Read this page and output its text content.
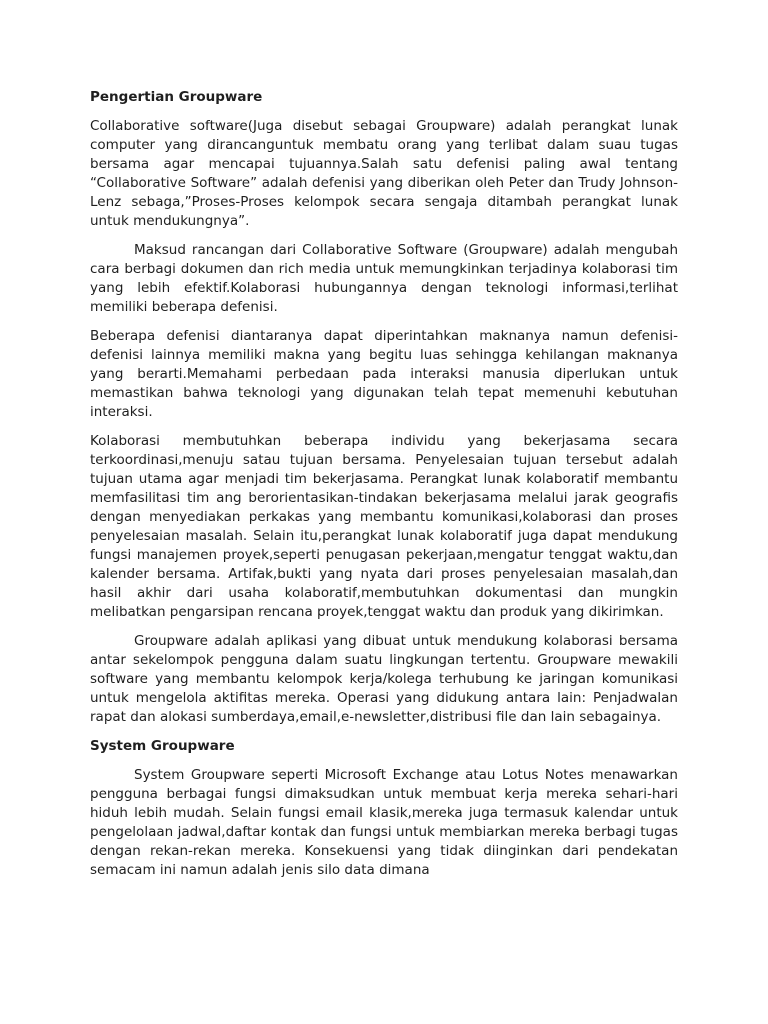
Pengertian Groupware

Collaborative software(Juga disebut sebagai Groupware) adalah perangkat lunak computer yang dirancanguntuk membatu orang yang terlibat dalam suau tugas bersama agar mencapai tujuannya.Salah satu defenisi paling awal tentang “Collaborative Software” adalah defenisi yang diberikan oleh Peter dan Trudy Johnson-Lenz sebaga,”Proses-Proses kelompok secara sengaja ditambah perangkat lunak untuk mendukungnya”.

Maksud rancangan dari Collaborative Software (Groupware) adalah mengubah cara berbagi dokumen dan rich media untuk memungkinkan terjadinya kolaborasi tim yang lebih efektif.Kolaborasi hubungannya dengan teknologi informasi,terlihat memiliki beberapa defenisi.

Beberapa defenisi diantaranya dapat diperintahkan maknanya namun defenisi-defenisi lainnya memiliki makna yang begitu luas sehingga kehilangan maknanya yang berarti.Memahami perbedaan pada interaksi manusia diperlukan untuk memastikan bahwa teknologi yang digunakan telah tepat memenuhi kebutuhan interaksi.

Kolaborasi membutuhkan beberapa individu yang bekerjasama secara terkoordinasi,menuju satau tujuan bersama. Penyelesaian tujuan tersebut adalah tujuan utama agar menjadi tim bekerjasama. Perangkat lunak kolaboratif membantu memfasilitasi tim ang berorientasikan-tindakan bekerjasama melalui jarak geografis dengan menyediakan perkakas yang membantu komunikasi,kolaborasi dan proses penyelesaian masalah. Selain itu,perangkat lunak kolaboratif juga dapat mendukung fungsi manajemen proyek,seperti penugasan pekerjaan,mengatur tenggat waktu,dan kalender bersama. Artifak,bukti yang nyata dari proses penyelesaian masalah,dan hasil akhir dari usaha kolaboratif,membutuhkan dokumentasi dan mungkin melibatkan pengarsipan rencana proyek,tenggat waktu dan produk yang dikirimkan.

Groupware adalah aplikasi yang dibuat untuk mendukung kolaborasi bersama antar sekelompok pengguna dalam suatu lingkungan tertentu. Groupware mewakili software yang membantu kelompok kerja/kolega terhubung ke jaringan komunikasi untuk mengelola aktifitas mereka. Operasi yang didukung antara lain: Penjadwalan rapat dan alokasi sumberdaya,email,e-newsletter,distribusi file dan lain sebagainya.

System Groupware

System Groupware seperti Microsoft Exchange atau Lotus Notes menawarkan pengguna berbagai fungsi dimaksudkan untuk membuat kerja mereka sehari-hari hiduh lebih mudah. Selain fungsi email klasik,mereka juga termasuk kalendar untuk pengelolaan jadwal,daftar kontak dan fungsi untuk membiarkan mereka berbagi tugas dengan rekan-rekan mereka. Konsekuensi yang tidak diinginkan dari pendekatan semacam ini namun adalah jenis silo data dimana
